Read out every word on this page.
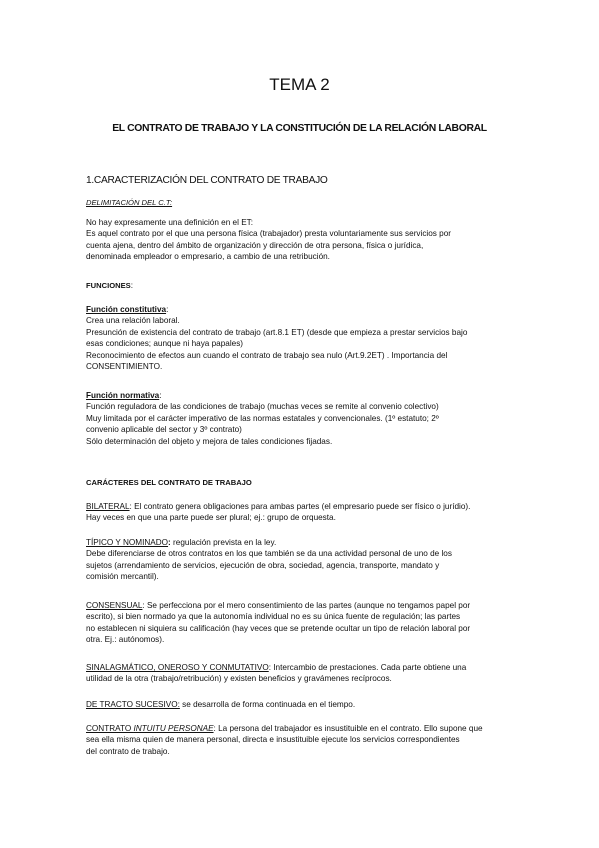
TEMA 2
EL CONTRATO DE TRABAJO Y LA CONSTITUCIÓN DE LA RELACIÓN LABORAL
1.CARACTERIZACIÓN DEL CONTRATO DE TRABAJO
DELIMITACIÓN DEL C.T:

No hay expresamente una definición en el ET:

Es aquel contrato por el que una persona física (trabajador) presta voluntariamente sus servicios por

cuenta ajena, dentro del ámbito de organización y dirección de otra persona, física o jurídica,

denominada empleador o empresario, a cambio de una retribución.

FUNCIONES:

Función constitutiva:

Crea una relación laboral.

Presunción de existencia del contrato de trabajo (art.8.1 ET) (desde que empieza a prestar servicios bajo

esas condiciones; aunque ni haya papales)

Reconocimiento de efectos aun cuando el contrato de trabajo sea nulo (Art.9.2ET) . Importancia del

CONSENTIMIENTO.

Función normativa:

Función reguladora de las condiciones de trabajo (muchas veces se remite al convenio colectivo)

Muy limitada por el carácter imperativo de las normas estatales y convencionales. (1º estatuto; 2º

convenio aplicable del sector y 3º contrato)

Sólo determinación del objeto y mejora de tales condiciones fijadas.

CARÁCTERES DEL CONTRATO DE TRABAJO

BILATERAL: El contrato genera obligaciones para ambas partes (el empresario puede ser físico o jurídio).

Hay veces en que una parte puede ser plural; ej.: grupo de orquesta.

TÍPICO Y NOMINADO: regulación prevista en la ley.

Debe diferenciarse de otros contratos en los que también se da una actividad personal de uno de los

sujetos (arrendamiento de servicios, ejecución de obra, sociedad, agencia, transporte, mandato y

comisión mercantil).

CONSENSUAL: Se perfecciona por el mero consentimiento de las partes (aunque no tengamos papel por

escrito), si bien normado ya que la autonomía individual no es su única fuente de regulación; las partes

no establecen ni siquiera su calificación (hay veces que se pretende ocultar un tipo de relación laboral por

otra. Ej.: autónomos).

SINALAGMÁTICO, ONEROSO Y CONMUTATIVO: Intercambio de prestaciones. Cada parte obtiene una

utilidad de la otra (trabajo/retribución) y existen beneficios y gravámenes recíprocos.

DE TRACTO SUCESIVO: se desarrolla de forma continuada en el tiempo.

CONTRATO INTUITU PERSONAE: La persona del trabajador es insustituible en el contrato. Ello supone que

sea ella misma quien de manera personal, directa e insustituible ejecute los servicios correspondientes

del contrato de trabajo.
